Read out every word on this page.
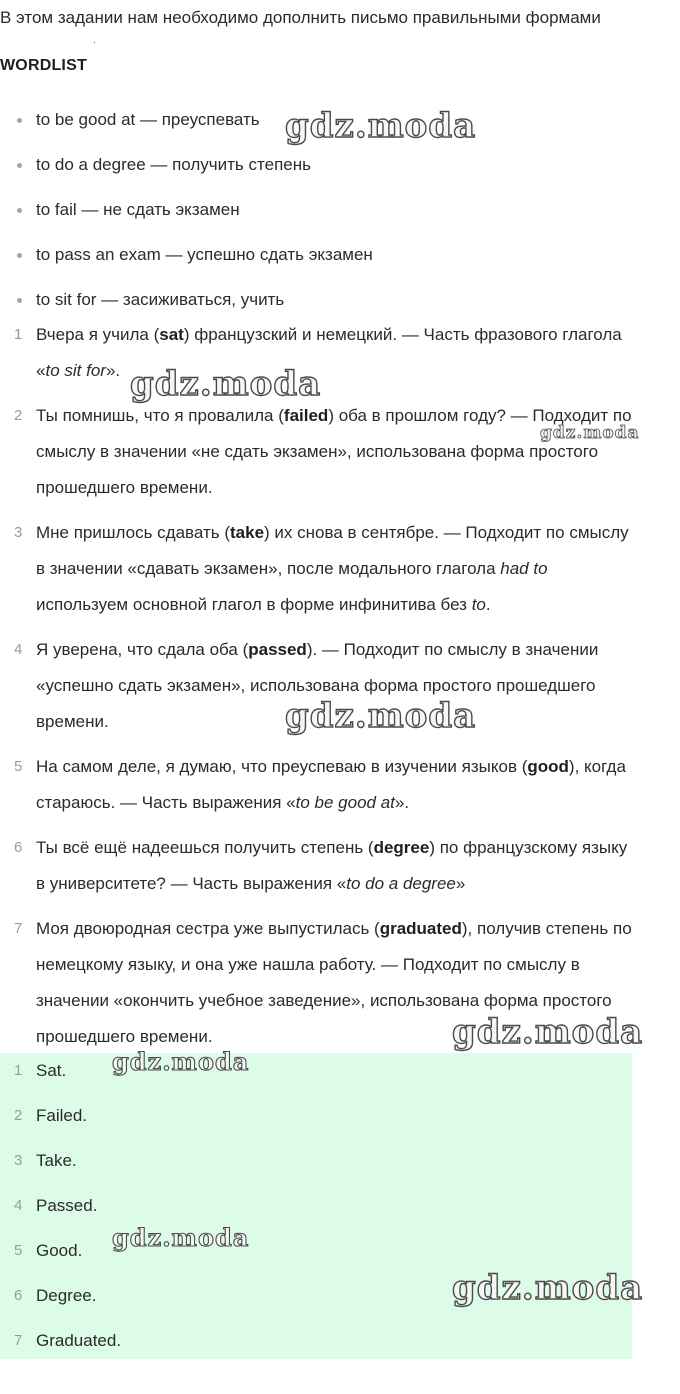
В этом задании нам необходимо дополнить письмо правильными формами
.
WORDLIST
to be good at — преуспевать
to do a degree — получить степень
to fail — не сдать экзамен
to pass an exam — успешно сдать экзамен
to sit for — засиживаться, учить
1 Вчера я учила (sat) французский и немецкий. — Часть фразового глагола
«to sit for».
2 Ты помнишь, что я провалила (failed) оба в прошлом году? — Подходит по
смыслу в значении «не сдать экзамен», использована форма простого
прошедшего времени.
3 Мне пришлось сдавать (take) их снова в сентябре. — Подходит по смыслу
в значении «сдавать экзамен», после модального глагола had to
используем основной глагол в форме инфинитива без to.
4 Я уверена, что сдала оба (passed). — Подходит по смыслу в значении
«успешно сдать экзамен», использована форма простого прошедшего
времени.
5 На самом деле, я думаю, что преуспеваю в изучении языков (good), когда
стараюсь. — Часть выражения «to be good at».
6 Ты всё ещё надеешься получить степень (degree) по французскому языку
в университете? — Часть выражения «to do a degree»
7 Моя двоюродная сестра уже выпустилась (graduated), получив степень по
немецкому языку, и она уже нашла работу. — Подходит по смыслу в
значении «окончить учебное заведение», использована форма простого
прошедшего времени.
1 Sat.
2 Failed.
3 Take.
4 Passed.
5 Good.
6 Degree.
7 Graduated.
gdz.moda
gdz.moda
gdz.moda
gdz.moda
gdz.moda
gdz.moda
gdz.moda
gdz.moda
